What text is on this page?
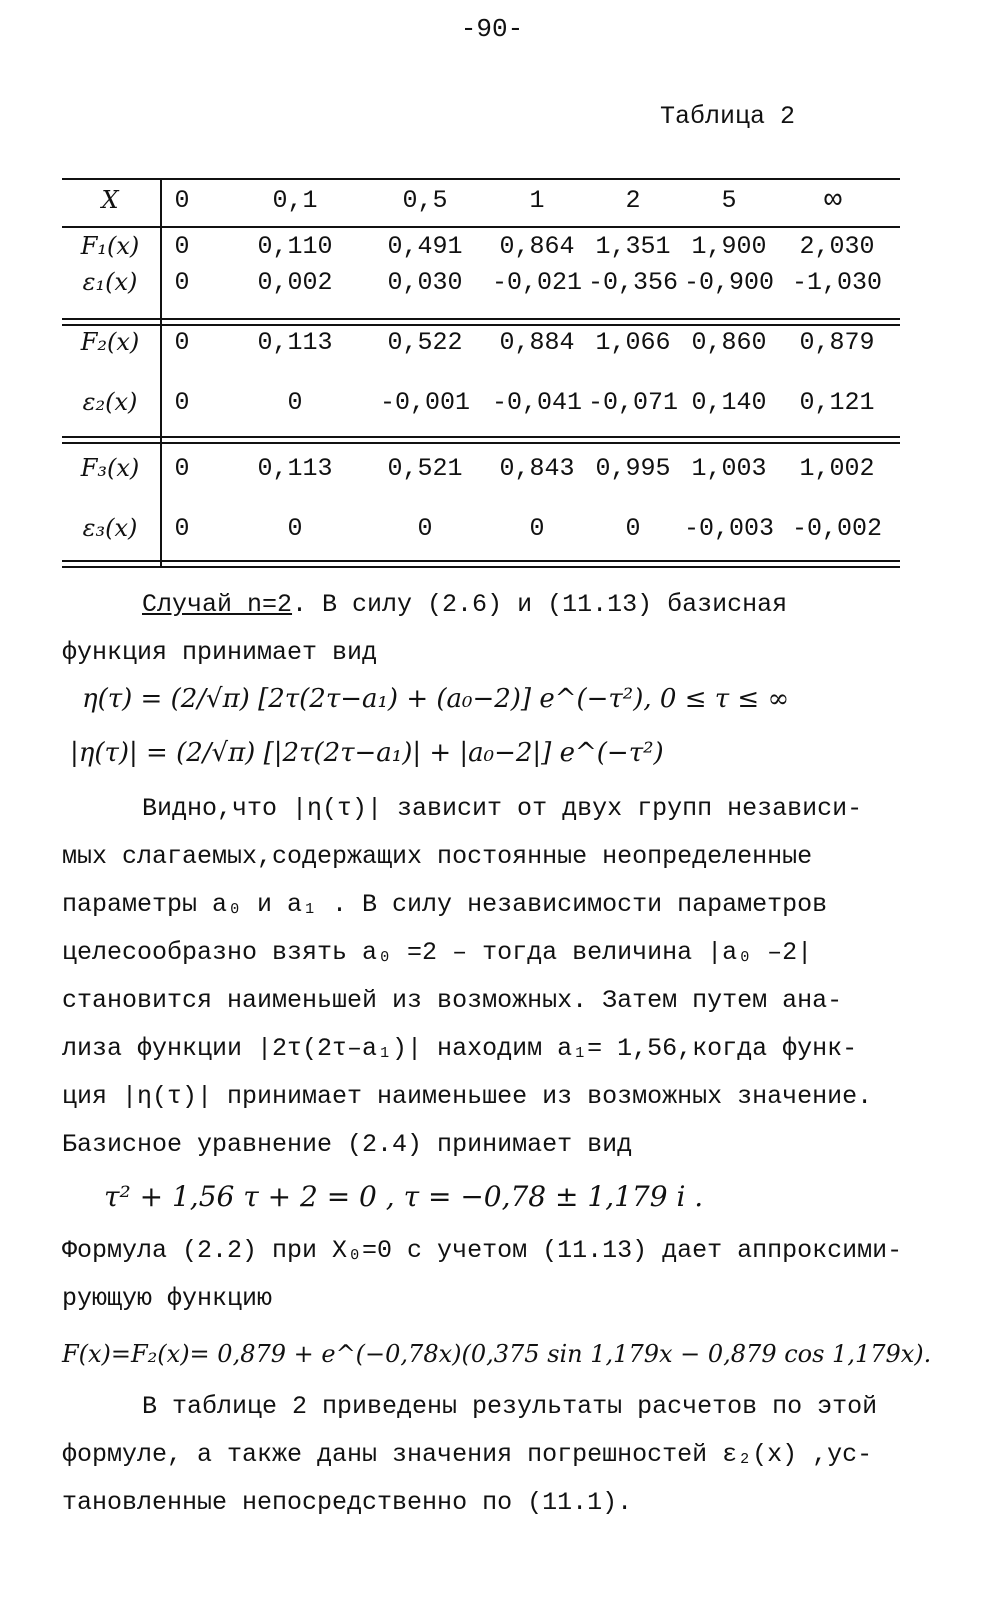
-90-
Таблица 2
X	0	0,1	0,5	1	2	5	∞
F₁(x)	0	0,110	0,491	0,864 1,351 1,900	2,030
ε₁(x)	0	0,002	0,030	-0,021 -0,356 -0,900 -1,030
F₂(x)	0	0,113	0,522	0,884 1,066 0,860	0,879
ε₂(x)	0	0	-0,001 -0,041 -0,071 0,140	0,121
F₃(x)	0	0,113	0,521	0,843 0,995 1,003	1,002
ε₃(x)	0	0	0	0	0	-0,003 -0,002
Случай n=2. В силу (2.6) и (11.13) базисная
функция принимает вид
η(τ) = (2/√π) [2τ(2τ−a₁) + (a₀−2)] e^(−τ²), 0 ≤ τ ≤ ∞
|η(τ)| = (2/√π) [|2τ(2τ−a₁)| + |a₀−2|] e^(−τ²)
Видно,что |η(τ)| зависит от двух групп независи-
мых слагаемых,содержащих постоянные неопределенные
параметры a₀ и a₁ . В силу независимости параметров
целесообразно взять a₀ =2 – тогда величина |a₀ –2|
становится наименьшей из возможных. Затем путем ана-
лиза функции |2τ(2τ–a₁)| находим a₁= 1,56,когда функ-
ция |η(τ)| принимает наименьшее из возможных значение.
Базисное уравнение (2.4) принимает вид
τ² + 1,56 τ + 2 = 0 , τ = −0,78 ± 1,179 i .
Формула (2.2) при X₀=0 с учетом (11.13) дает аппроксими-
рующую функцию
F(x)=F₂(x)= 0,879 + e^(−0,78x)(0,375 sin 1,179x − 0,879 cos 1,179x).
В таблице 2 приведены результаты расчетов по этой
формуле, а также даны значения погрешностей ε₂(x) ,ус-
тановленные непосредственно по (11.1).
